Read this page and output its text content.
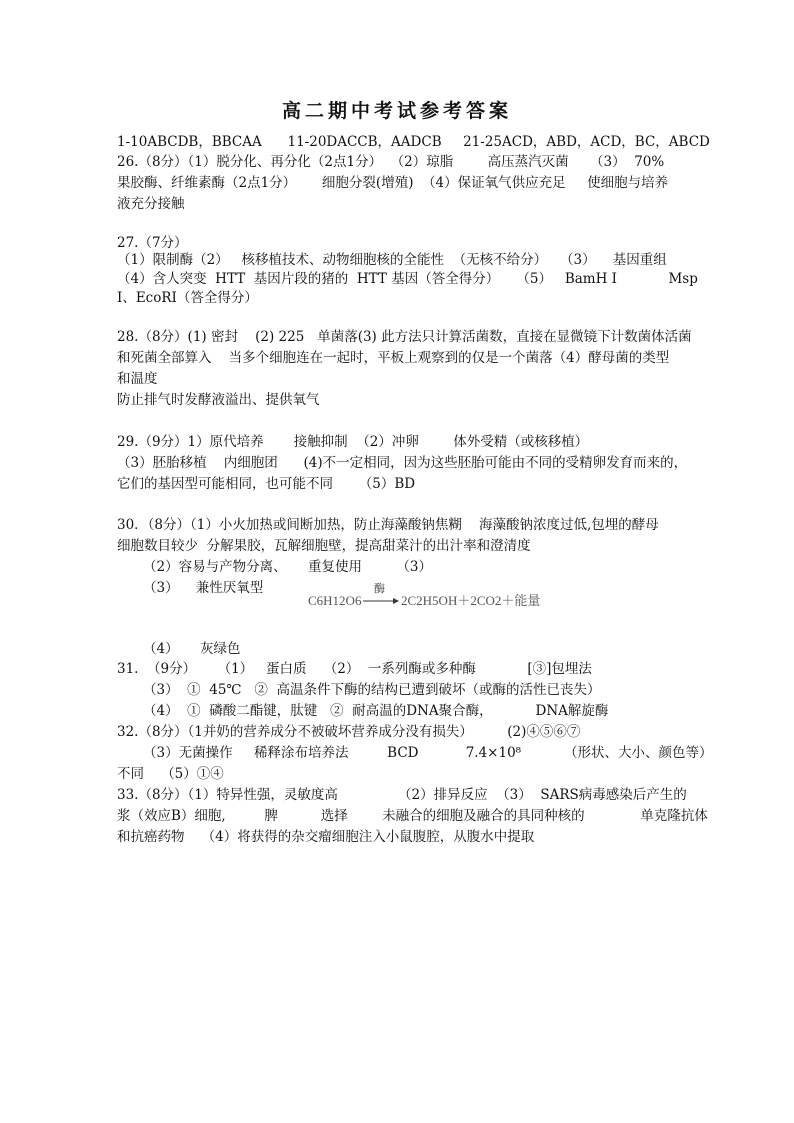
高二期中考试参考答案
1-10ABCDB，BBCAA      11-20DACCB，AADCB     21-25ACD，ABD，ACD，BC，ABCD
26.（8分）（1）脱分化、再分化（2点1分）  （2）琼脂        高压蒸汽灭菌     （3）  70%
果胶酶、纤维素酶（2点1分）      细胞分裂(增殖)  （4）保证氧气供应充足     使细胞与培养
液充分接触
27.（7分）
（1）限制酶（2）   核移植技术、动物细胞核的全能性  （无核不给分）   （3）    基因重组
（4）含人突变  HTT  基因片段的猪的  HTT 基因（答全得分）    （5）   BamH Ⅰ            Msp
Ⅰ、EcoRⅠ（答全得分）
28.（8分）(1) 密封    (2) 225   单菌落(3) 此方法只计算活菌数，直接在显微镜下计数菌体活菌
和死菌全部算入    当多个细胞连在一起时，平板上观察到的仅是一个菌落（4）酵母菌的类型
和温度
防止排气时发酵液溢出、提供氧气
29.（9分）1）原代培养       接触抑制  （2）冲卵        体外受精（或核移植）
（3）胚胎移植    内细胞团      (4)不一定相同，因为这些胚胎可能由不同的受精卵发育而来的，
它们的基因型可能相同，也可能不同      （5）BD
30．（8分）（1）小火加热或间断加热，防止海藻酸钠焦糊    海藻酸钠浓度过低,包埋的酵母
细胞数目较少  分解果胶，瓦解细胞壁，提高甜菜汁的出汁率和澄清度
（2）容易与产物分离、     重复使用        （3）
（3）    兼性厌氧型
C6H12O6
酶
2C2H5OH＋2CO2＋能量
（4）     灰绿色
31.  （9分）     （1）   蛋白质    （2）  一系列酶或多种酶            [③]包埋法
（3）  ①  45℃   ②  高温条件下酶的结构已遭到破坏（或酶的活性已丧失）
（4）  ①  磷酸二酯键，肽键   ②  耐高温的DNA聚合酶，          DNA解旋酶
32.（8分）（1并奶的营养成分不被破坏营养成分没有损失）        (2)④⑤⑥⑦
（3）无菌操作     稀释涂布培养法         BCD           7.4×10⁸          （形状、大小、颜色等）
不同    （5）①④
33.（8分）（1）特异性强，灵敏度高              （2）排异反应  （3）  SARS病毒感染后产生的
浆（效应B）细胞,         脾          选择        未融合的细胞及融合的具同种核的             单克隆抗体
和抗癌药物    （4）将获得的杂交瘤细胞注入小鼠腹腔，从腹水中提取
